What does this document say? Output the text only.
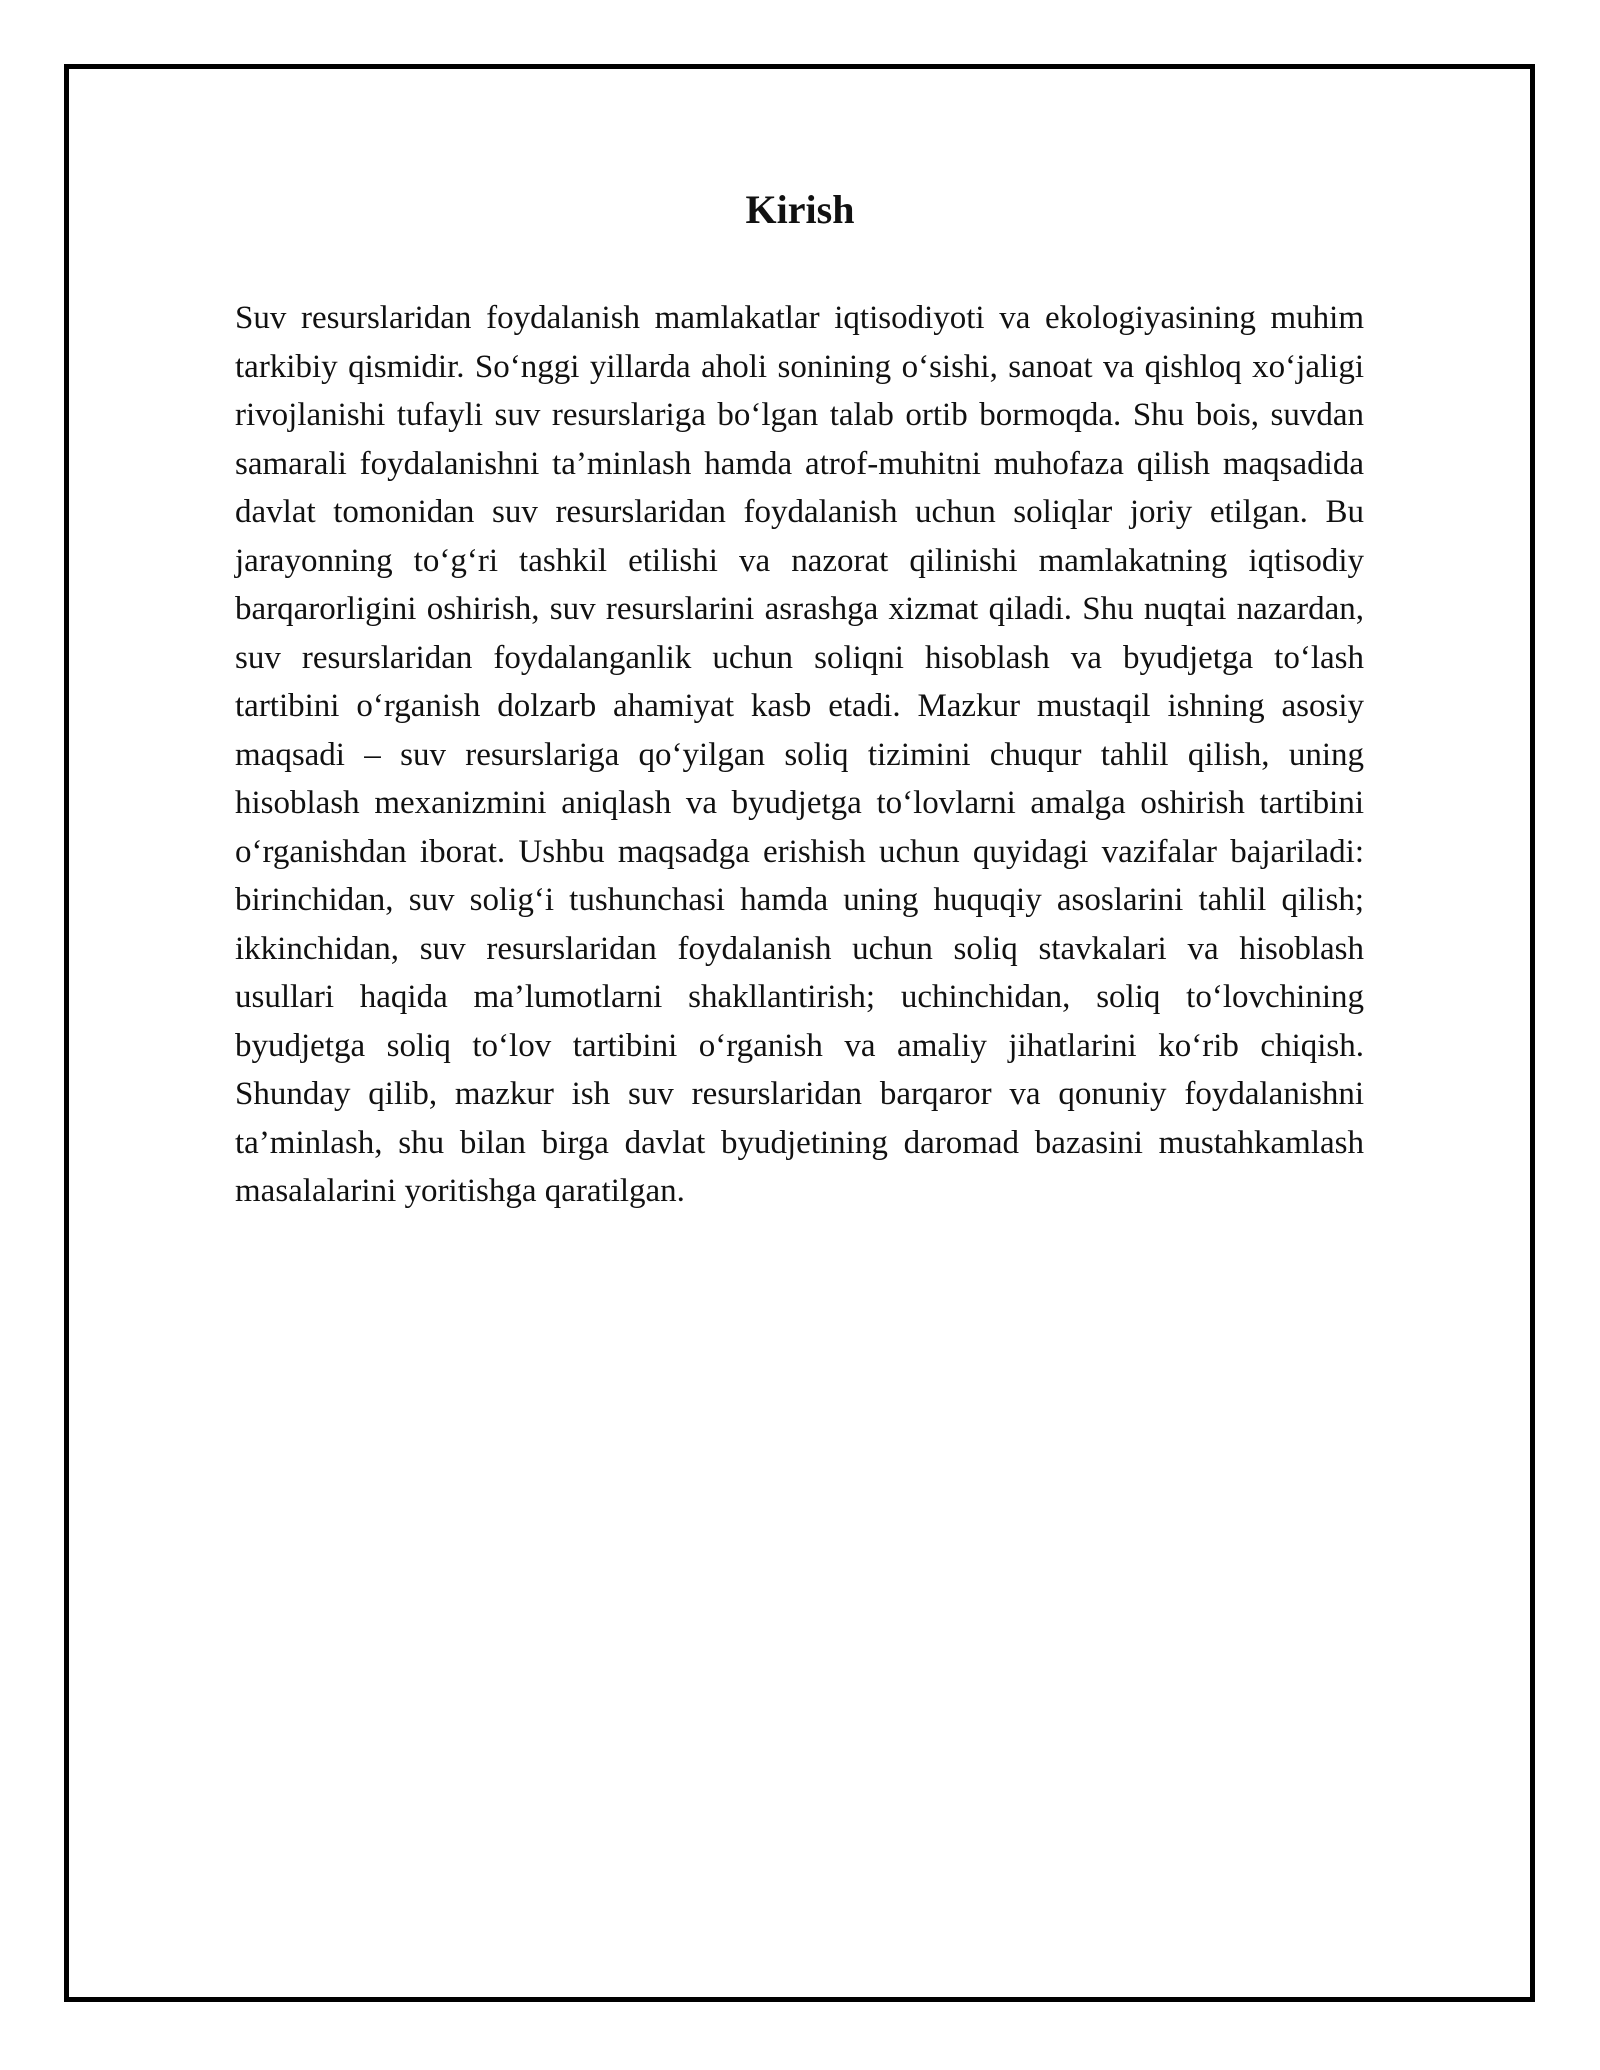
Kirish

Suv resurslaridan foydalanish mamlakatlar iqtisodiyoti va ekologiyasining muhim tarkibiy qismidir. So‘nggi yillarda aholi sonining o‘sishi, sanoat va qishloq xo‘jaligi rivojlanishi tufayli suv resurslariga bo‘lgan talab ortib bormoqda. Shu bois, suvdan samarali foydalanishni ta’minlash hamda atrof-muhitni muhofaza qilish maqsadida davlat tomonidan suv resurslaridan foydalanish uchun soliqlar joriy etilgan. Bu jarayonning to‘g‘ri tashkil etilishi va nazorat qilinishi mamlakatning iqtisodiy barqarorligini oshirish, suv resurslarini asrashga xizmat qiladi. Shu nuqtai nazardan, suv resurslaridan foydalanganlik uchun soliqni hisoblash va byudjetga to‘lash tartibini o‘rganish dolzarb ahamiyat kasb etadi. Mazkur mustaqil ishning asosiy maqsadi – suv resurslariga qo‘yilgan soliq tizimini chuqur tahlil qilish, uning hisoblash mexanizmini aniqlash va byudjetga to‘lovlarni amalga oshirish tartibini o‘rganishdan iborat. Ushbu maqsadga erishish uchun quyidagi vazifalar bajariladi: birinchidan, suv solig‘i tushunchasi hamda uning huquqiy asoslarini tahlil qilish; ikkinchidan, suv resurslaridan foydalanish uchun soliq stavkalari va hisoblash usullari haqida ma’lumotlarni shakllantirish; uchinchidan, soliq to‘lovchining byudjetga soliq to‘lov tartibini o‘rganish va amaliy jihatlarini ko‘rib chiqish. Shunday qilib, mazkur ish suv resurslaridan barqaror va qonuniy foydalanishni ta’minlash, shu bilan birga davlat byudjetining daromad bazasini mustahkamlash masalalarini yoritishga qaratilgan.
